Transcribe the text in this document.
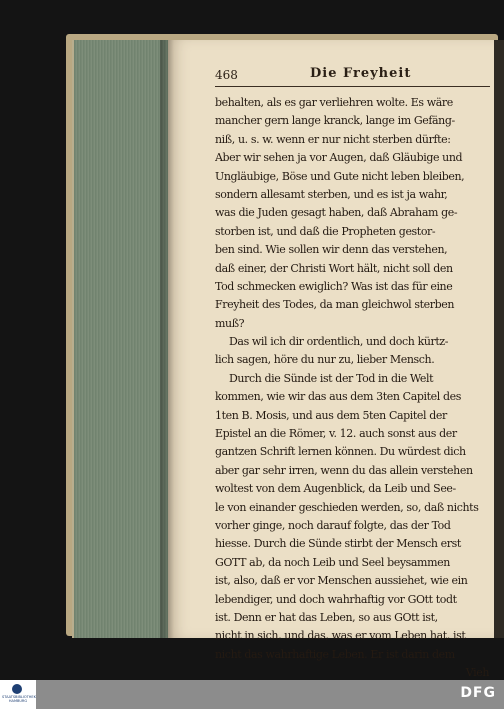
468	Die Freyheit
behalten, als es gar verliehren wolte. Es wäre
mancher gern lange kranck, lange im Gefäng-
niß, u. s. w. wenn er nur nicht sterben dürfte:
Aber wir sehen ja vor Augen, daß Gläubige und
Ungläubige, Böse und Gute nicht leben bleiben,
sondern allesamt sterben, und es ist ja wahr,
was die Juden gesagt haben, daß Abraham ge-
storben ist, und daß die Propheten gestor-
ben sind. Wie sollen wir denn das verstehen,
daß einer, der Christi Wort hält, nicht soll den
Tod schmecken ewiglich? Was ist das für eine
Freyheit des Todes, da man gleichwol sterben
muß?
Das wil ich dir ordentlich, und doch kürtz-
lich sagen, höre du nur zu, lieber Mensch.
Durch die Sünde ist der Tod in die Welt
kommen, wie wir das aus dem 3ten Capitel des
1ten B. Mosis, und aus dem 5ten Capitel der
Epistel an die Römer, v. 12. auch sonst aus der
gantzen Schrift lernen können. Du würdest dich
aber gar sehr irren, wenn du das allein verstehen
woltest von dem Augenblick, da Leib und See-
le von einander geschieden werden, so, daß nichts
vorher ginge, noch darauf folgte, das der Tod
hiesse. Durch die Sünde stirbt der Mensch erst
GOTT ab, da noch Leib und Seel beysammen
ist, also, daß er vor Menschen aussiehet, wie ein
lebendiger, und doch wahrhaftig vor GOtt todt
ist. Denn er hat das Leben, so aus GOtt ist,
nicht in sich, und das, was er vom Leben hat, ist
nicht das wahrhaftige Leben. Er ist darin dem
Vieh
STAATSBIBLIOTHEK HAMBURG	DFG
